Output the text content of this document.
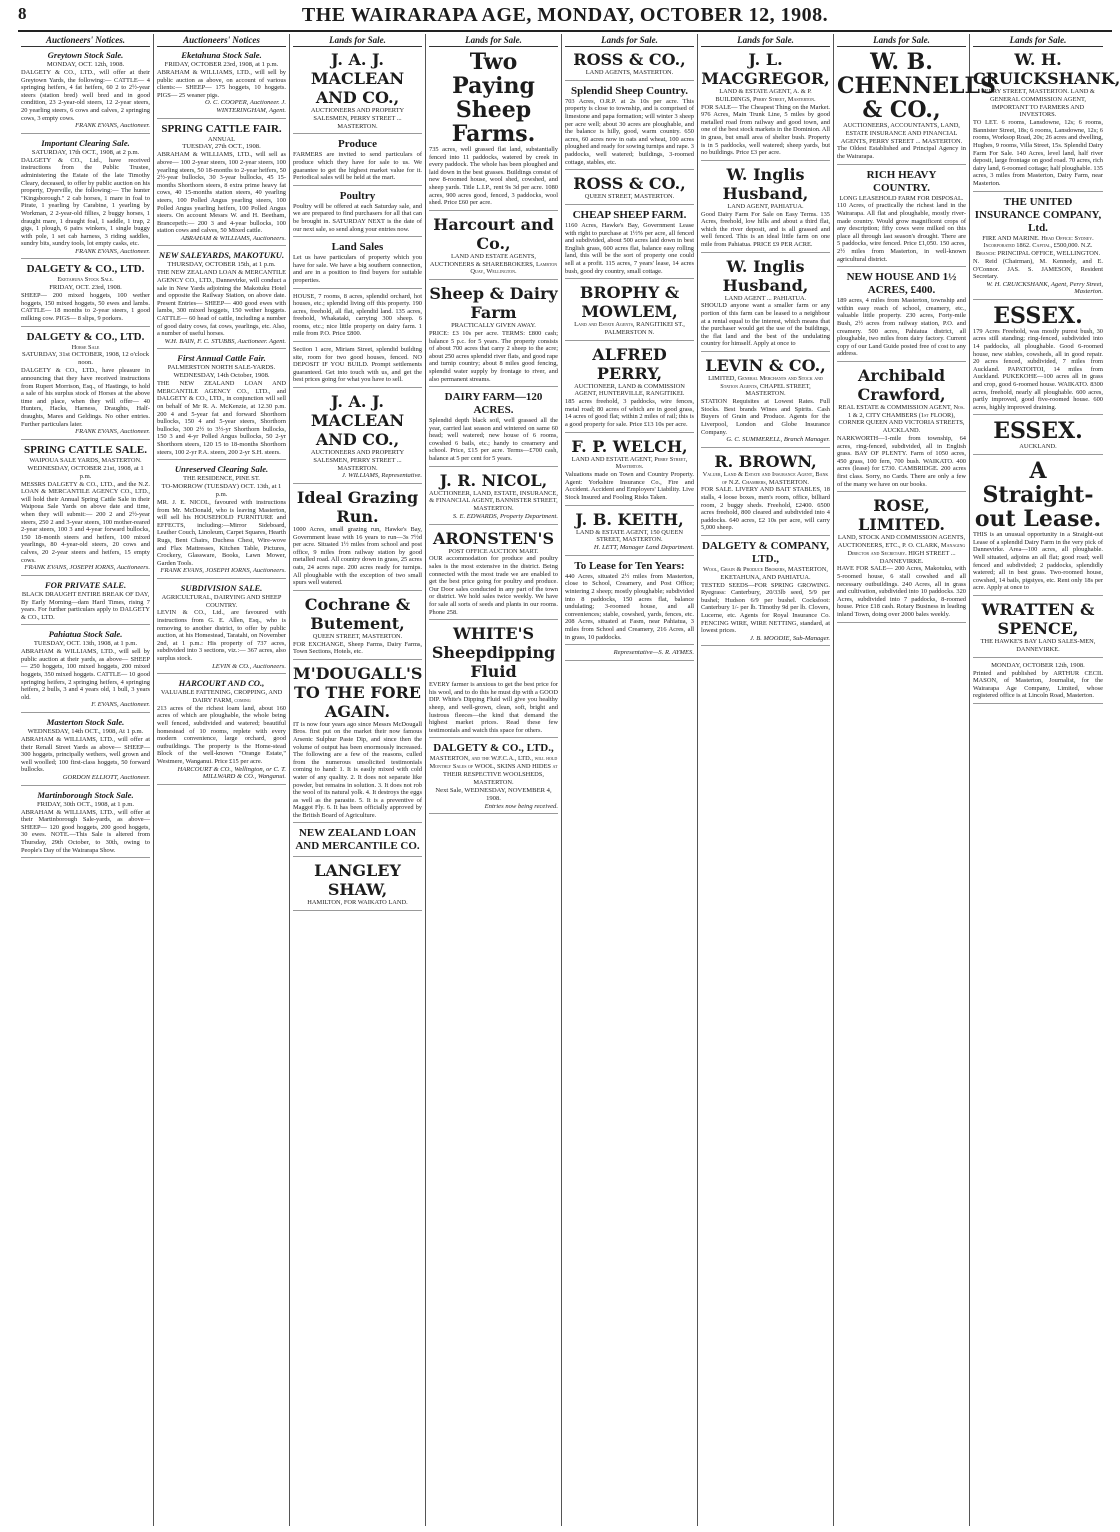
8	THE WAIRARAPA AGE, MONDAY, OCTOBER 12, 1908.
Auctioneers' Notices.
Greytown Stock Sale.
MONDAY, OCT. 12th, 1908.
DALGETY & CO., LTD., will offer at their Greytown Yards, the following:— CATTLE— 4 springing heifers, 4 fat heifers, 60 2 to 2½-year steers (station bred) well bred and in good condition, 23 2-year-old steers, 12 2-year steers, 20 yearling steers, 6 cows and calves, 2 springing cows, 3 empty cows.
FRANK EVANS, Auctioneer.
Important Clearing Sale.
SATURDAY, 17th OCT., 1908, at 2 p.m.
DALGETY & CO., Ltd., have received instructions from the Public Trustee, administering the Estate of the late Timothy Cleary, deceased, to offer by public auction on his property, Dyerville, the following:— The hunter "Kingsborough." 2 cab horses, 1 mare in foal to Pirate, 1 yearling by Carabine, 1 yearling by Workman, 2 2-year-old fillies, 2 buggy horses, 1 draught mare, 1 draught foal, 1 saddle, 1 trap, 2 gigs, 1 plough, 6 pairs winkers, 1 single buggy with pole, 1 set cab harness, 3 riding saddles, sundry bits, sundry tools, lot empty casks, etc.
FRANK EVANS, Auctioneer.
DALGETY & CO., LTD.
Eketahuna Stock Sale.
FRIDAY, OCT. 23rd, 1908.
SHEEP— 200 mixed hoggets, 100 wether hoggets, 150 mixed hoggets, 50 ewes and lambs. CATTLE— 18 months to 2-year steers, 1 good milking cow. PIGS— 8 slips, 9 porkers.
DALGETY & CO., LTD.
Horse Sale
SATURDAY, 31st OCTOBER, 1908, 12 o'clock noon.
DALGETY & CO., LTD., have pleasure in announcing that they have received instructions from Rupert Morrison, Esq., of Hastings, to hold a sale of his surplus stock of Horses at the above time and place, when they will offer— 40 Hunters, Hacks, Harness, Draughts, Half-draughts, Mares and Geldings. No other entries. Further particulars later.
FRANK EVANS, Auctioneer.
SPRING CATTLE SALE.
WAIPOUA SALE YARDS, MASTERTON.
WEDNESDAY, OCTOBER 21st, 1908, at 1 p.m.
MESSRS DALGETY & CO., LTD., and the N.Z. LOAN & MERCANTILE AGENCY CO., LTD., will hold their Annual Spring Cattle Sale in their Waipoua Sale Yards on above date and time, when they will submit:— 200 2 and 2½-year steers, 250 2 and 3-year steers, 100 mother-reared 2-year steers, 100 3 and 4-year forward bullocks, 150 18-month steers and heifers, 100 mixed yearlings, 80 4-year-old steers, 20 cows and calves, 20 2-year steers and heifers, 15 empty cows.
FRANK EVANS, JOSEPH IORNS, Auctioneers.
FOR PRIVATE SALE.
BLACK DRAUGHT ENTIRE BREAK OF DAY,
By Early Morning—dam Hard Times, rising 7 years. For further particulars apply to DALGETY & CO., LTD.
Pahiatua Stock Sale.
TUESDAY, OCT. 13th, 1908, at 1 p.m.
ABRAHAM & WILLIAMS, LTD., will sell by public auction at their yards, as above— SHEEP— 250 hoggets, 100 mixed hoggets, 200 mixed hoggets, 350 mixed hoggets. CATTLE— 10 good springing heifers, 2 springing heifers, 4 springing heifers, 2 bulls, 3 and 4 years old, 1 bull, 3 years old.
F. EVANS, Auctioneer.
Masterton Stock Sale.
WEDNESDAY, 14th OCT., 1908, At 1 p.m.
ABRAHAM & WILLIAMS, LTD., will offer at their Renall Street Yards as above— SHEEP— 300 hoggets, principally wethers, well grown and well woolled; 100 first-class hoggets, 50 forward bullocks.
GORDON ELLIOTT, Auctioneer.
Martinborough Stock Sale.
FRIDAY, 30th OCT., 1908, at 1 p.m.
ABRAHAM & WILLIAMS, LTD., will offer at their Martinborough Sale-yards, as above— SHEEP— 120 good hoggets, 200 good hoggets, 30 ewes. NOTE.—This Sale is altered from Thursday, 29th October, to 30th, owing to People's Day of the Wairarapa Show.
Auctioneers' Notices
Eketahuna Stock Sale.
FRIDAY, OCTOBER 23rd, 1908, at 1 p.m.
ABRAHAM & WILLIAMS, LTD., will sell by public auction as above, on account of various clients:— SHEEP— 175 hoggets, 10 hoggets. PIGS— 25 weaner pigs.
O. C. COOPER, Auctioneer. J. WINTERINGHAM, Agent.
SPRING CATTLE FAIR.
ANNUAL
TUESDAY, 27th OCT., 1908.
ABRAHAM & WILLIAMS, LTD., will sell as above— 100 2-year steers, 100 2-year steers, 100 yearling steers, 50 18-months to 2-year heifers, 50 2½-year bullocks, 30 3-year bullocks, 45 15-months Shorthorn steers, 8 extra prime heavy fat cows, 40 15-months station steers, 40 yearling steers, 100 Polled Angus yearling steers, 100 Polled Angus yearling heifers, 100 Polled Angus steers. On account Messrs W. and H. Beetham, Brancepeth:— 200 3 and 4-year bullocks, 100 station cows and calves, 50 Mixed cattle.
ABRAHAM & WILLIAMS, Auctioneers.
NEW SALEYARDS, MAKOTUKU.
THURSDAY, OCTOBER 15th, at 1 p.m.
THE NEW ZEALAND LOAN & MERCANTILE AGENCY CO., LTD., Dannevirke, will conduct a sale in New Yards adjoining the Makotuku Hotel and opposite the Railway Station, on above date. Present Entries— SHEEP— 400 good ewes with lambs, 300 mixed hoggets, 150 wether hoggets. CATTLE— 60 head of cattle, including a number of good dairy cows, fat cows, yearlings, etc. Also, a number of useful horses.
W.H. BAIN, F. C. STUBBS, Auctioneer. Agent.
First Annual Cattle Fair.
PALMERSTON NORTH SALE-YARDS.
WEDNESDAY, 14th October, 1908.
THE NEW ZEALAND LOAN AND MERCANTILE AGENCY CO., LTD., and DALGETY & CO., LTD., in conjunction will sell on behalf of Mr R. A. McKenzie, at 12.30 p.m. 200 4 and 5-year fat and forward Shorthorn bullocks, 150 4 and 5-year steers, Shorthorn bullocks, 300 2½ to 3½-yr Shorthorn bullocks, 150 3 and 4-yr Polled Angus bullocks, 50 2-yr Shorthorn steers, 120 15 to 18-months Shorthorn steers, 100 2-yr P.A. steers, 200 2-yr S.H. steers.
Unreserved Clearing Sale.
THE RESIDENCE, PINE ST.
TO-MORROW (TUESDAY) OCT. 13th, at 1 p.m.
MR. J. E. NICOL, favoured with instructions from Mr. McDonald, who is leaving Masterton, will sell his HOUSEHOLD FURNITURE and EFFECTS, including:—Mirror Sideboard, Leather Couch, Linoleum, Carpet Squares, Hearth Rugs, Bent Chairs, Duchess Chest, Wire-wove and Flax Mattresses, Kitchen Table, Pictures, Crockery, Glassware, Books, Lawn Mower, Garden Tools.
FRANK EVANS, JOSEPH IORNS, Auctioneers.
SUBDIVISION SALE.
AGRICULTURAL, DAIRYING AND SHEEP COUNTRY.
LEVIN & CO., Ltd., are favoured with instructions from G. E. Allen, Esq., who is removing to another district, to offer by public auction, at his Homestead, Taratahi, on November 2nd, at 1 p.m.: His property of 737 acres, subdivided into 3 sections, viz.:— 367 acres, also surplus stock.
LEVIN & CO., Auctioneers.
HARCOURT AND CO.,
VALUABLE FATTENING, CROPPING, AND DAIRY FARM, coming
213 acres of the richest loam land, about 160 acres of which are ploughable, the whole being well fenced, subdivided and watered; beautiful homestead of 10 rooms, replete with every modern convenience, large orchard, good outbuildings. The property is the Home-stead Block of the well-known "Orange Estate," Westmere, Wanganui. Price £15 per acre.
HARCOURT & CO., Wellington, or C. T. MILLWARD & CO., Wanganui.
Lands for Sale.
J. A. J. MACLEAN AND CO.,
AUCTIONEERS AND PROPERTY SALESMEN, PERRY STREET ... MASTERTON.
Produce
FARMERS are invited to send particulars of produce which they have for sale to us. We guarantee to get the highest market value for it. Periodical sales will be held at the mart.
Poultry
Poultry will be offered at each Saturday sale, and we are prepared to find purchasers for all that can be brought in. SATURDAY NEXT is the date of our next sale, so send along your entries now.
Land Sales
Let us have particulars of property which you have for sale. We have a big southern connection, and are in a position to find buyers for suitable properties.
HOUSE, 7 rooms, 8 acres, splendid orchard, hot houses, etc.; splendid living off this property. 190 acres, freehold, all flat, splendid land. 135 acres, freehold, Whakataki, carrying 300 sheep. 6 rooms, etc.; nice little property on dairy farm. 1 mile from P.O. Price £800.
Section 1 acre, Miriam Street, splendid building site, room for two good houses, fenced. NO DEPOSIT IF YOU BUILD. Prompt settlements guaranteed. Get into touch with us, and get the best prices going for what you have to sell.
J. A. J. MACLEAN AND CO.,
AUCTIONEERS AND PROPERTY SALESMEN, PERRY STREET ... MASTERTON.
J. WILLIAMS, Representative.
Ideal Grazing Run.
1000 Acres, small grazing run, Hawke's Bay, Government lease with 16 years to run—3s 7½d per acre. Situated 1½ miles from school and post office, 9 miles from railway station by good metalled road. All country down in grass, 25 acres oats, 24 acres rape. 200 acres ready for turnips. All ploughable with the exception of two small spurs well watered.
Cochrane & Butement,
QUEEN STREET, MASTERTON.
FOR EXCHANGE, Sheep Farms, Dairy Farms, Town Sections, Hotels, etc.
M'DOUGALL'S TO THE FORE AGAIN.
IT is now four years ago since Messrs McDougall Bros. first put on the market their now famous Arsenic Sulphur Paste Dip, and since then the volume of output has been enormously increased. The following are a few of the reasons, culled from the numerous unsolicited testimonials coming to hand: 1. It is easily mixed with cold water of any quality. 2. It does not separate like powder, but remains in solution. 3. It does not rob the wool of its natural yolk. 4. It destroys the eggs as well as the parasite. 5. It is a preventive of Maggot Fly. 6. It has been officially approved by the British Board of Agriculture.
NEW ZEALAND LOAN AND MERCANTILE CO.
LANGLEY SHAW,
HAMILTON, FOR WAIKATO LAND.
Lands for Sale.
Two Paying Sheep Farms.
735 acres, well grassed flat land, substantially fenced into 11 paddocks, watered by creek in every paddock. The whole has been ploughed and laid down in the best grasses. Buildings consist of new 8-roomed house, wool shed, cowshed, and sheep yards. Title L.I.P., rent 9s 3d per acre. 1080 acres, 900 acres good, fenced, 3 paddocks, wool shed. Price £60 per acre.
Harcourt and Co.,
LAND AND ESTATE AGENTS, AUCTIONEERS & SHAREBROKERS, Lambton Quay, Wellington.
Sheep & Dairy Farm
PRACTICALLY GIVEN AWAY.
PRICE: £3 10s per acre. TERMS: £800 cash; balance 5 p.c. for 5 years. The property consists of about 700 acres that carry 2 sheep to the acre; about 250 acres splendid river flats, and good rape and turnip country; about 8 miles good fencing, splendid water supply by frontage to river, and also permanent streams.
DAIRY FARM—120 ACRES.
Splendid depth black soil, well grassed all the year, carried last season and wintered on same 60 head; well watered; new house of 6 rooms, cowshed 6 bails, etc.; handy to creamery and school. Price, £15 per acre. Terms—£700 cash, balance at 5 per cent for 5 years.
J. R. NICOL,
AUCTIONEER, LAND, ESTATE, INSURANCE, & FINANCIAL AGENT, BANNISTER STREET, MASTERTON.
S. E. EDWARDS, Property Department.
ARONSTEN'S
POST OFFICE AUCTION MART.
OUR accommodation for produce and poultry sales is the most extensive in the district. Being connected with the most trade we are enabled to get the best price going for poultry and produce. Our Door sales conducted in any part of the town or district. We hold sales twice weekly. We have for sale all sorts of seeds and plants in our rooms. Phone 258.
WHITE'S Sheepdipping Fluid
EVERY farmer is anxious to get the best price for his wool, and to do this he must dip with a GOOD DIP. White's Dipping Fluid will give you healthy sheep, and well-grown, clean, soft, bright and lustrous fleeces—the kind that demand the highest market prices. Read these few testimonials and watch this space for others.
DALGETY & CO., LTD.,
MASTERTON, and the W.F.C.A., LTD., will hold Monthly Sales of WOOL, SKINS AND HIDES at THEIR RESPECTIVE WOOLSHEDS, MASTERTON.
Next Sale, WEDNESDAY, NOVEMBER 4, 1908.
Entries now being received.
Lands for Sale.
ROSS & CO.,
LAND AGENTS, MASTERTON.
Splendid Sheep Country.
703 Acres, O.R.P. at 2s 10s per acre. This property is close to township, and is comprised of limestone and papa formation; will winter 3 sheep per acre well; about 30 acres are ploughable, and the balance is hilly, good, warm country. 650 acres, 60 acres now in oats and wheat, 100 acres ploughed and ready for sowing turnips and rape. 3 paddocks, well watered; buildings, 3-roomed cottage, stables, etc.
ROSS & CO.,
QUEEN STREET, MASTERTON.
CHEAP SHEEP FARM.
1160 Acres, Hawke's Bay, Government Lease with right to purchase at 1½% per acre, all fenced and subdivided, about 500 acres laid down in best English grass, 600 acres flat, balance easy rolling land, this will be the sort of property one could sell at a profit. 115 acres, 7 years' lease, 14 acres bush, good dry country, small cottage.
BROPHY & MOWLEM,
Land and Estate Agents, RANGITIKEI ST., PALMERSTON N.
ALFRED PERRY,
AUCTIONEER, LAND & COMMISSION AGENT, HUNTERVILLE, RANGITIKEI.
185 acres freehold, 3 paddocks, wire fences, metal road; 80 acres of which are in good grass, 14 acres of good flat; within 2 miles of rail; this is a good property for sale. Price £13 10s per acre.
F. P. WELCH,
LAND AND ESTATE AGENT, Perry Street, Masterton.
Valuations made on Town and Country Property. Agent: Yorkshire Insurance Co., Fire and Accident. Accident and Employers' Liability. Live Stock Insured and Fooling Risks Taken.
J. B. KEITH,
LAND & ESTATE AGENT, 150 QUEEN STREET, MASTERTON.
H. LETT, Manager Land Department.
To Lease for Ten Years:
440 Acres, situated 2½ miles from Masterton, close to School, Creamery, and Post Office; wintering 2 sheep; mostly ploughable; subdivided into 8 paddocks, 150 acres flat, balance undulating; 3-roomed house, and all conveniences; stable, cowshed, yards, fences, etc. 208 Acres, situated at Fasm, near Pahiatua, 3 miles from School and Creamery, 216 Acres, all in grass, 10 paddocks.
Representative—S. R. AYMES.
Lands for Sale.
J. L. MACGREGOR,
LAND & ESTATE AGENT, A. & P. BUILDINGS, Perry Street, Masterton.
FOR SALE— The Cheapest Thing on the Market. 976 Acres, Main Trunk Line, 5 miles by good metalled road from railway and good town, and one of the best stock markets in the Dominion. All in grass, but small area of shelter bush. Property is in 5 paddocks, well watered; sheep yards, but no buildings. Price £3 per acre.
W. Inglis Husband,
LAND AGENT, PAHIATUA.
Good Dairy Farm For Sale on Easy Terms. 135 Acres, freehold, low hills and about a third flat, which the river deposit, and is all grassed and well fenced. This is an ideal little farm on one mile from Pahiatua. PRICE £9 PER ACRE.
W. Inglis Husband,
LAND AGENT ... PAHIATUA.
SHOULD anyone want a smaller farm or any portion of this farm can be leased to a neighbour at a rental equal to the interest, which means that the purchaser would get the use of the buildings, the flat land and the best of the undulating country for himself. Apply at once to
LEVIN & CO.,
LIMITED, General Merchants and Stock and Station Agents, CHAPEL STREET, MASTERTON.
STATION Requisites at Lowest Rates. Full Stocks. Best brands Wines and Spirits. Cash Buyers of Grain and Produce. Agents for the Liverpool, London and Globe Insurance Company.
G. C. SUMMERELL, Branch Manager.
R. BROWN,
Valuer, Land & Estate and Insurance Agent, Bank of N.Z. Chambers, MASTERTON.
FOR SALE. LIVERY AND BAIT STABLES, 18 stalls, 4 loose boxes, men's room, office, billiard room, 2 buggy sheds. Freehold, £2400. 6500 acres freehold, 800 cleared and subdivided into 4 paddocks. 640 acres, £2 10s per acre, will carry 5,000 sheep.
DALGETY & COMPANY, LTD.,
Wool, Grain & Produce Brokers, MASTERTON, EKETAHUNA, AND PAHIATUA.
TESTED SEEDS—FOR SPRING GROWING. Ryegrass: Canterbury, 20/33lb seed, 5/9 per bushel; Hudson 6/9 per bushel. Cocksfoot: Canterbury 1/- per lb. Timothy 9d per lb. Clovers, Lucerne, etc. Agents for Royal Insurance Co. FENCING WIRE, WIRE NETTING, standard, at lowest prices.
J. B. MOODIE, Sub-Manager.
Lands for Sale.
W. B. CHENNELLS & CO.,
AUCTIONEERS, ACCOUNTANTS, LAND, ESTATE INSURANCE AND FINANCIAL AGENTS, PERRY STREET ... MASTERTON.
The Oldest Established and Principal Agency in the Wairarapa.
RICH HEAVY COUNTRY.
LONG LEASEHOLD FARM FOR DISPOSAL.
110 Acres, of practically the richest land in the Wairarapa. All flat and ploughable, mostly river-made country. Would grow magnificent crops of any description; fifty cows were milked on this place all through last season's drought. There are 5 paddocks, wire fenced. Price £1,050. 150 acres, 2½ miles from Masterton, in well-known agricultural district.
NEW HOUSE AND 1½ ACRES, £400.
189 acres, 4 miles from Masterton, township and within easy reach of school, creamery, etc., valuable little property. 230 acres, Forty-mile Bush, 2½ acres from railway station, P.O. and creamery. 500 acres, Pahiatua district, all ploughable, two miles from dairy factory. Current copy of our Land Guide posted free of cost to any address.
Archibald Crawford,
REAL ESTATE & COMMISSION AGENT, Nos. 1 & 2, CITY CHAMBERS (1st FLOOR), CORNER QUEEN AND VICTORIA STREETS, AUCKLAND.
NARKWORTH—1-mile from township, 64 acres, ring-fenced, subdivided, all in English grass. BAY OF PLENTY. Farm of 1050 acres, 450 grass, 100 fern, 700 bush. WAIKATO. 400 acres (lease) for £730. CAMBRIDGE. 200 acres first class. Sorry, no Cards. There are only a few of the many we have on our books.
ROSE, LIMITED.
LAND, STOCK AND COMMISSION AGENTS, AUCTIONEERS, ETC., P. O. CLARK, Managing Director and Secretary. HIGH STREET ... DANNEVIRKE.
HAVE FOR SALE— 200 Acres, Makotuku, with 5-roomed house, 6 stall cowshed and all necessary outbuildings. 240 Acres, all in grass and cultivation, subdivided into 10 paddocks. 320 Acres, subdivided into 7 paddocks, 8-roomed house. Price £18 cash. Rotary Business in leading inland Town, doing over 2000 bales weekly.
Lands for Sale.
W. H. CRUICKSHANK,
PERRY STREET, MASTERTON. LAND & GENERAL COMMISSION AGENT, IMPORTANT TO FARMERS AND INVESTORS.
TO LET. 6 rooms, Lansdowne, 12s; 6 rooms, Bannister Street, 18s; 6 rooms, Lansdowne, 12s; 6 rooms, Worksop Road, 20s; 26 acres and dwelling, Hughes, 9 rooms, Villa Street, 15s. Splendid Dairy Farm For Sale. 140 Acres, level land, half river deposit, large frontage on good road. 70 acres, rich dairy land, 6-roomed cottage; half ploughable. 135 acres, 3 miles from Masterton, Dairy Farm, near Masterton.
THE UNITED INSURANCE COMPANY, Ltd.
FIRE AND MARINE. Head Office: Sydney. Incorporated 1862. Capital, £500,000. N.Z. Branch: PRINCIPAL OFFICE, WELLINGTON.
N. Reid (Chairman), M. Kennedy, and E. O'Connor. JAS. S. JAMESON, Resident Secretary.
W. H. CRUICKSHANK, Agent, Perry Street, Masterton.
ESSEX.
179 Acres Freehold, was mostly purest bush, 30 acres still standing; ring-fenced, subdivided into 14 paddocks, all ploughable. Good 6-roomed house, new stables, cowsheds, all in good repair. 20 acres fenced, subdivided, 7 miles from Auckland. PAPATOITOI, 14 miles from Auckland. PUKEKOHE—100 acres all in grass and crop, good 6-roomed house. WAIKATO. 8300 acres, freehold, nearly all ploughable. 600 acres, partly improved, good five-roomed house. 600 acres, highly improved draining.
ESSEX.
AUCKLAND.
A Straight-out Lease.
THIS is an unusual opportunity in a Straight-out Lease of a splendid Dairy Farm in the very pick of Dannevirke. Area—100 acres, all ploughable. Well situated, adjoins an all flat; good road; well fenced and subdivided; 2 paddocks, splendidly watered; all in best grass. Two-roomed house, cowshed, 14 bails, pigstyes, etc. Rent only 18s per acre. Apply at once to
WRATTEN & SPENCE,
THE HAWKE'S BAY LAND SALES-MEN, DANNEVIRKE.
MONDAY, OCTOBER 12th, 1908.
Printed and published by ARTHUR CECIL MASON, of Masterton, Journalist, for the Wairarapa Age Company, Limited, whose registered office is at Lincoln Road, Masterton.
